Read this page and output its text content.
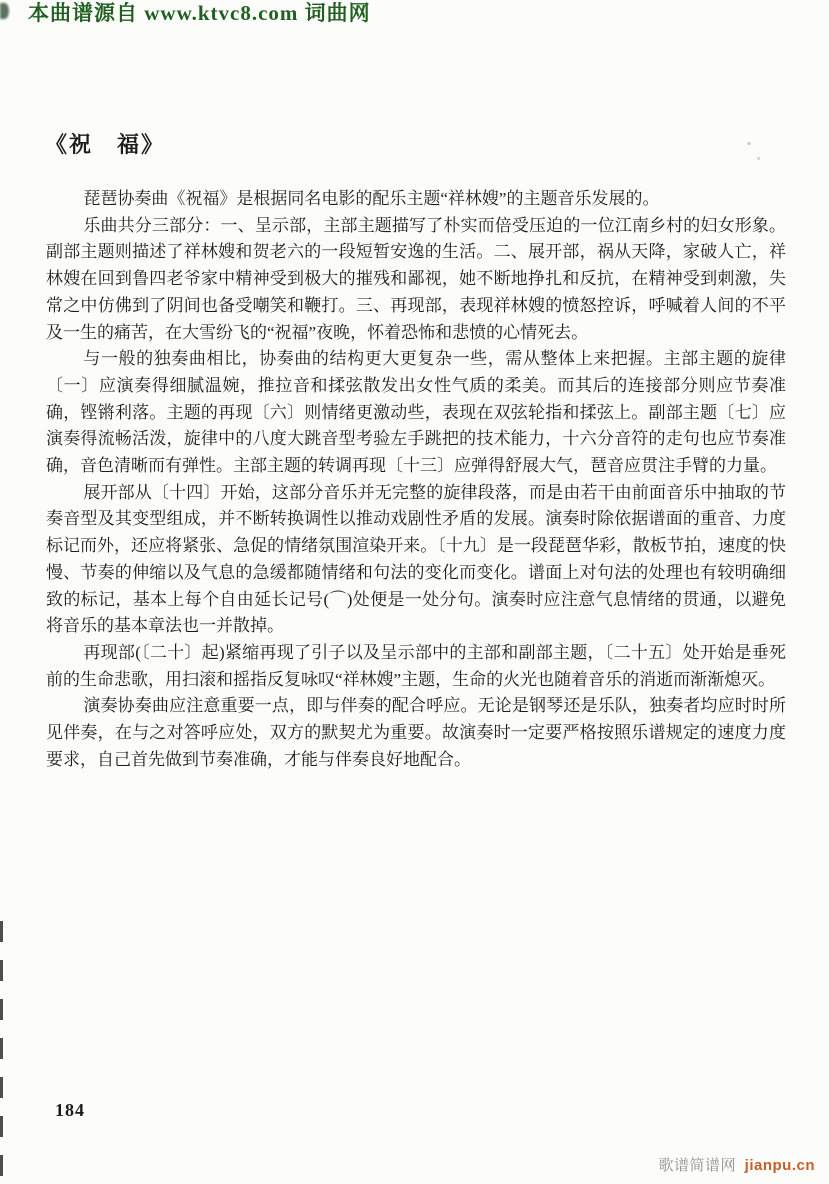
本曲谱源自 www.ktvc8.com 词曲网
《祝　福》

琵琶协奏曲《祝福》是根据同名电影的配乐主题“祥林嫂”的主题音乐发展的。

乐曲共分三部分：一、呈示部，主部主题描写了朴实而倍受压迫的一位江南乡村的妇女形象。副部主题则描述了祥林嫂和贺老六的一段短暂安逸的生活。二、展开部，祸从天降，家破人亡，祥林嫂在回到鲁四老爷家中精神受到极大的摧残和鄙视，她不断地挣扎和反抗，在精神受到刺激，失常之中仿佛到了阴间也备受嘲笑和鞭打。三、再现部，表现祥林嫂的愤怒控诉，呼喊着人间的不平及一生的痛苦，在大雪纷飞的“祝福”夜晚，怀着恐怖和悲愤的心情死去。

与一般的独奏曲相比，协奏曲的结构更大更复杂一些，需从整体上来把握。主部主题的旋律〔一〕应演奏得细腻温婉，推拉音和揉弦散发出女性气质的柔美。而其后的连接部分则应节奏准确，铿锵利落。主题的再现〔六〕则情绪更激动些，表现在双弦轮指和揉弦上。副部主题〔七〕应演奏得流畅活泼，旋律中的八度大跳音型考验左手跳把的技术能力，十六分音符的走句也应节奏准确，音色清晰而有弹性。主部主题的转调再现〔十三〕应弹得舒展大气，琶音应贯注手臂的力量。

展开部从〔十四〕开始，这部分音乐并无完整的旋律段落，而是由若干由前面音乐中抽取的节奏音型及其变型组成，并不断转换调性以推动戏剧性矛盾的发展。演奏时除依据谱面的重音、力度标记而外，还应将紧张、急促的情绪氛围渲染开来。〔十九〕是一段琵琶华彩，散板节拍，速度的快慢、节奏的伸缩以及气息的急缓都随情绪和句法的变化而变化。谱面上对句法的处理也有较明确细致的标记，基本上每个自由延长记号(⌒)处便是一处分句。演奏时应注意气息情绪的贯通，以避免将音乐的基本章法也一并散掉。

再现部(〔二十〕起)紧缩再现了引子以及呈示部中的主部和副部主题，〔二十五〕处开始是垂死前的生命悲歌，用扫滚和摇指反复咏叹“祥林嫂”主题，生命的火光也随着音乐的消逝而渐渐熄灭。

演奏协奏曲应注意重要一点，即与伴奏的配合呼应。无论是钢琴还是乐队，独奏者均应时时所见伴奏，在与之对答呼应处，双方的默契尤为重要。故演奏时一定要严格按照乐谱规定的速度力度要求，自己首先做到节奏准确，才能与伴奏良好地配合。

184
歌谱简谱网 jianpu.cn
